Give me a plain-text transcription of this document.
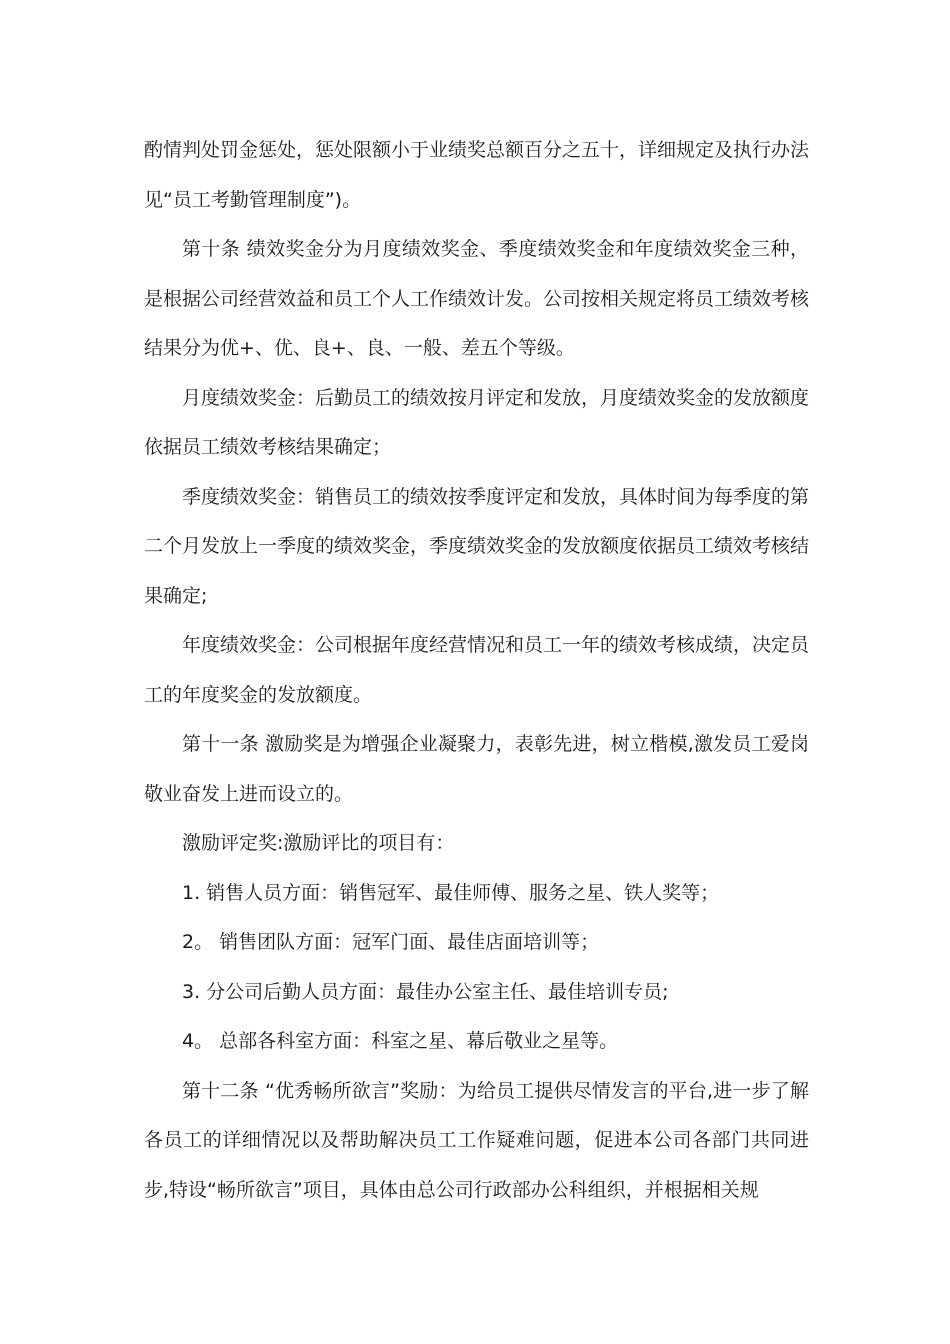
酌情判处罚金惩处，惩处限额小于业绩奖总额百分之五十，详细规定及执行办法见“员工考勤管理制度”)。

第十条 绩效奖金分为月度绩效奖金、季度绩效奖金和年度绩效奖金三种，是根据公司经营效益和员工个人工作绩效计发。公司按相关规定将员工绩效考核结果分为优+、优、良+、良、一般、差五个等级。

月度绩效奖金：后勤员工的绩效按月评定和发放，月度绩效奖金的发放额度依据员工绩效考核结果确定；

季度绩效奖金：销售员工的绩效按季度评定和发放，具体时间为每季度的第二个月发放上一季度的绩效奖金，季度绩效奖金的发放额度依据员工绩效考核结果确定;

年度绩效奖金：公司根据年度经营情况和员工一年的绩效考核成绩，决定员工的年度奖金的发放额度。

第十一条 激励奖是为增强企业凝聚力，表彰先进，树立楷模,激发员工爱岗敬业奋发上进而设立的。

激励评定奖:激励评比的项目有：

1. 销售人员方面：销售冠军、最佳师傅、服务之星、铁人奖等；

2。 销售团队方面：冠军门面、最佳店面培训等；

3. 分公司后勤人员方面：最佳办公室主任、最佳培训专员;

4。 总部各科室方面：科室之星、幕后敬业之星等。

第十二条 “优秀畅所欲言”奖励：为给员工提供尽情发言的平台,进一步了解各员工的详细情况以及帮助解决员工工作疑难问题，促进本公司各部门共同进步,特设“畅所欲言”项目，具体由总公司行政部办公科组织，并根据相关规
